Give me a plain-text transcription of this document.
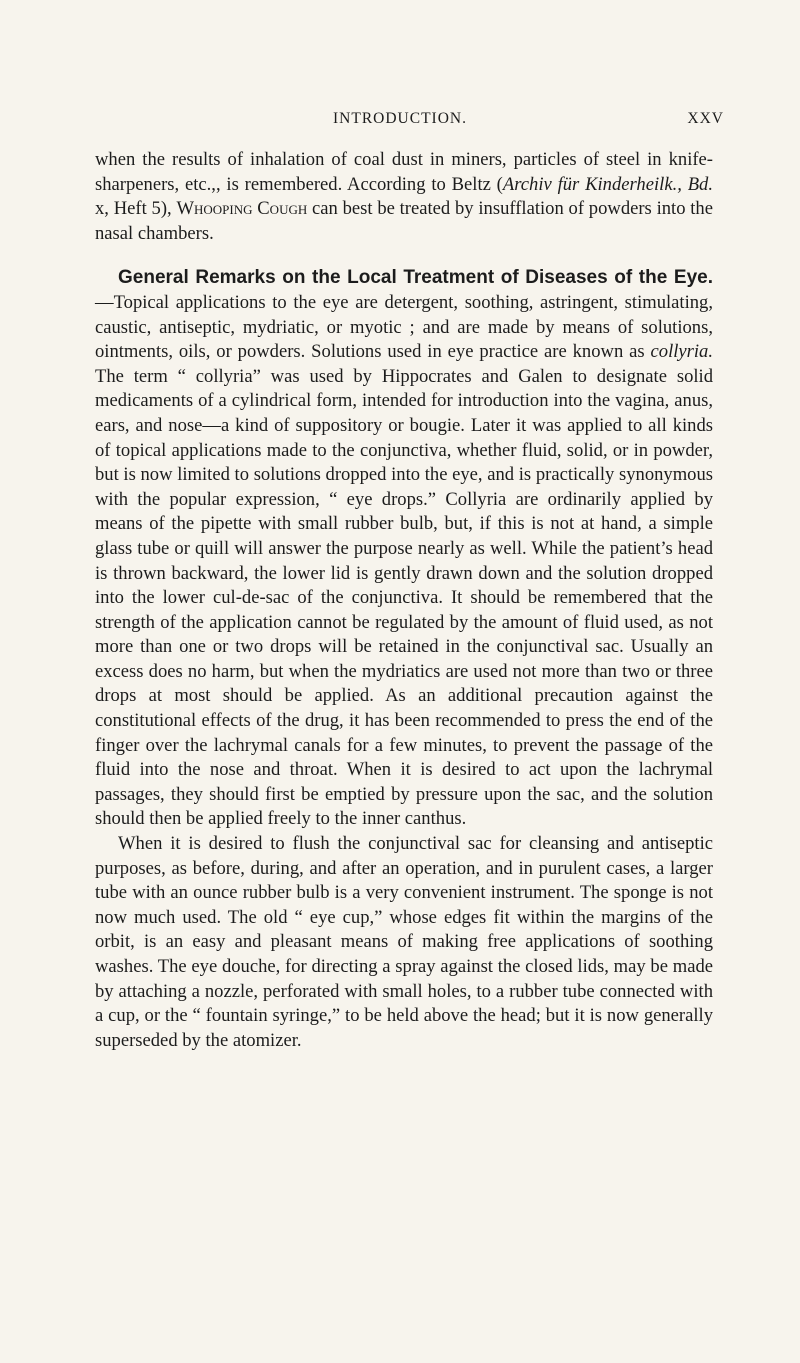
INTRODUCTION.	XXV

when the results of inhalation of coal dust in miners, particles of steel in knife-sharpeners, etc.,, is remembered. According to Beltz (Archiv für Kinderheilk., Bd. x, Heft 5), Whooping Cough can best be treated by insufflation of powders into the nasal chambers.

General Remarks on the Local Treatment of Diseases of the Eye.—Topical applications to the eye are detergent, soothing, astringent, stimulating, caustic, antiseptic, mydriatic, or myotic ; and are made by means of solutions, ointments, oils, or powders. Solutions used in eye practice are known as collyria. The term “ collyria” was used by Hippocrates and Galen to designate solid medicaments of a cylindrical form, intended for introduction into the vagina, anus, ears, and nose—a kind of suppository or bougie. Later it was applied to all kinds of topical applications made to the conjunctiva, whether fluid, solid, or in powder, but is now limited to solutions dropped into the eye, and is practically synonymous with the popular expression, “ eye drops.” Collyria are ordinarily applied by means of the pipette with small rubber bulb, but, if this is not at hand, a simple glass tube or quill will answer the purpose nearly as well. While the patient’s head is thrown backward, the lower lid is gently drawn down and the solution dropped into the lower cul-de-sac of the conjunctiva. It should be remembered that the strength of the application cannot be regulated by the amount of fluid used, as not more than one or two drops will be retained in the conjunctival sac. Usually an excess does no harm, but when the mydriatics are used not more than two or three drops at most should be applied. As an additional precaution against the constitutional effects of the drug, it has been recommended to press the end of the finger over the lachrymal canals for a few minutes, to prevent the passage of the fluid into the nose and throat. When it is desired to act upon the lachrymal passages, they should first be emptied by pressure upon the sac, and the solution should then be applied freely to the inner canthus.

When it is desired to flush the conjunctival sac for cleansing and antiseptic purposes, as before, during, and after an operation, and in purulent cases, a larger tube with an ounce rubber bulb is a very convenient instrument. The sponge is not now much used. The old “ eye cup,” whose edges fit within the margins of the orbit, is an easy and pleasant means of making free applications of soothing washes. The eye douche, for directing a spray against the closed lids, may be made by attaching a nozzle, perforated with small holes, to a rubber tube connected with a cup, or the “ fountain syringe,” to be held above the head; but it is now generally superseded by the atomizer.
